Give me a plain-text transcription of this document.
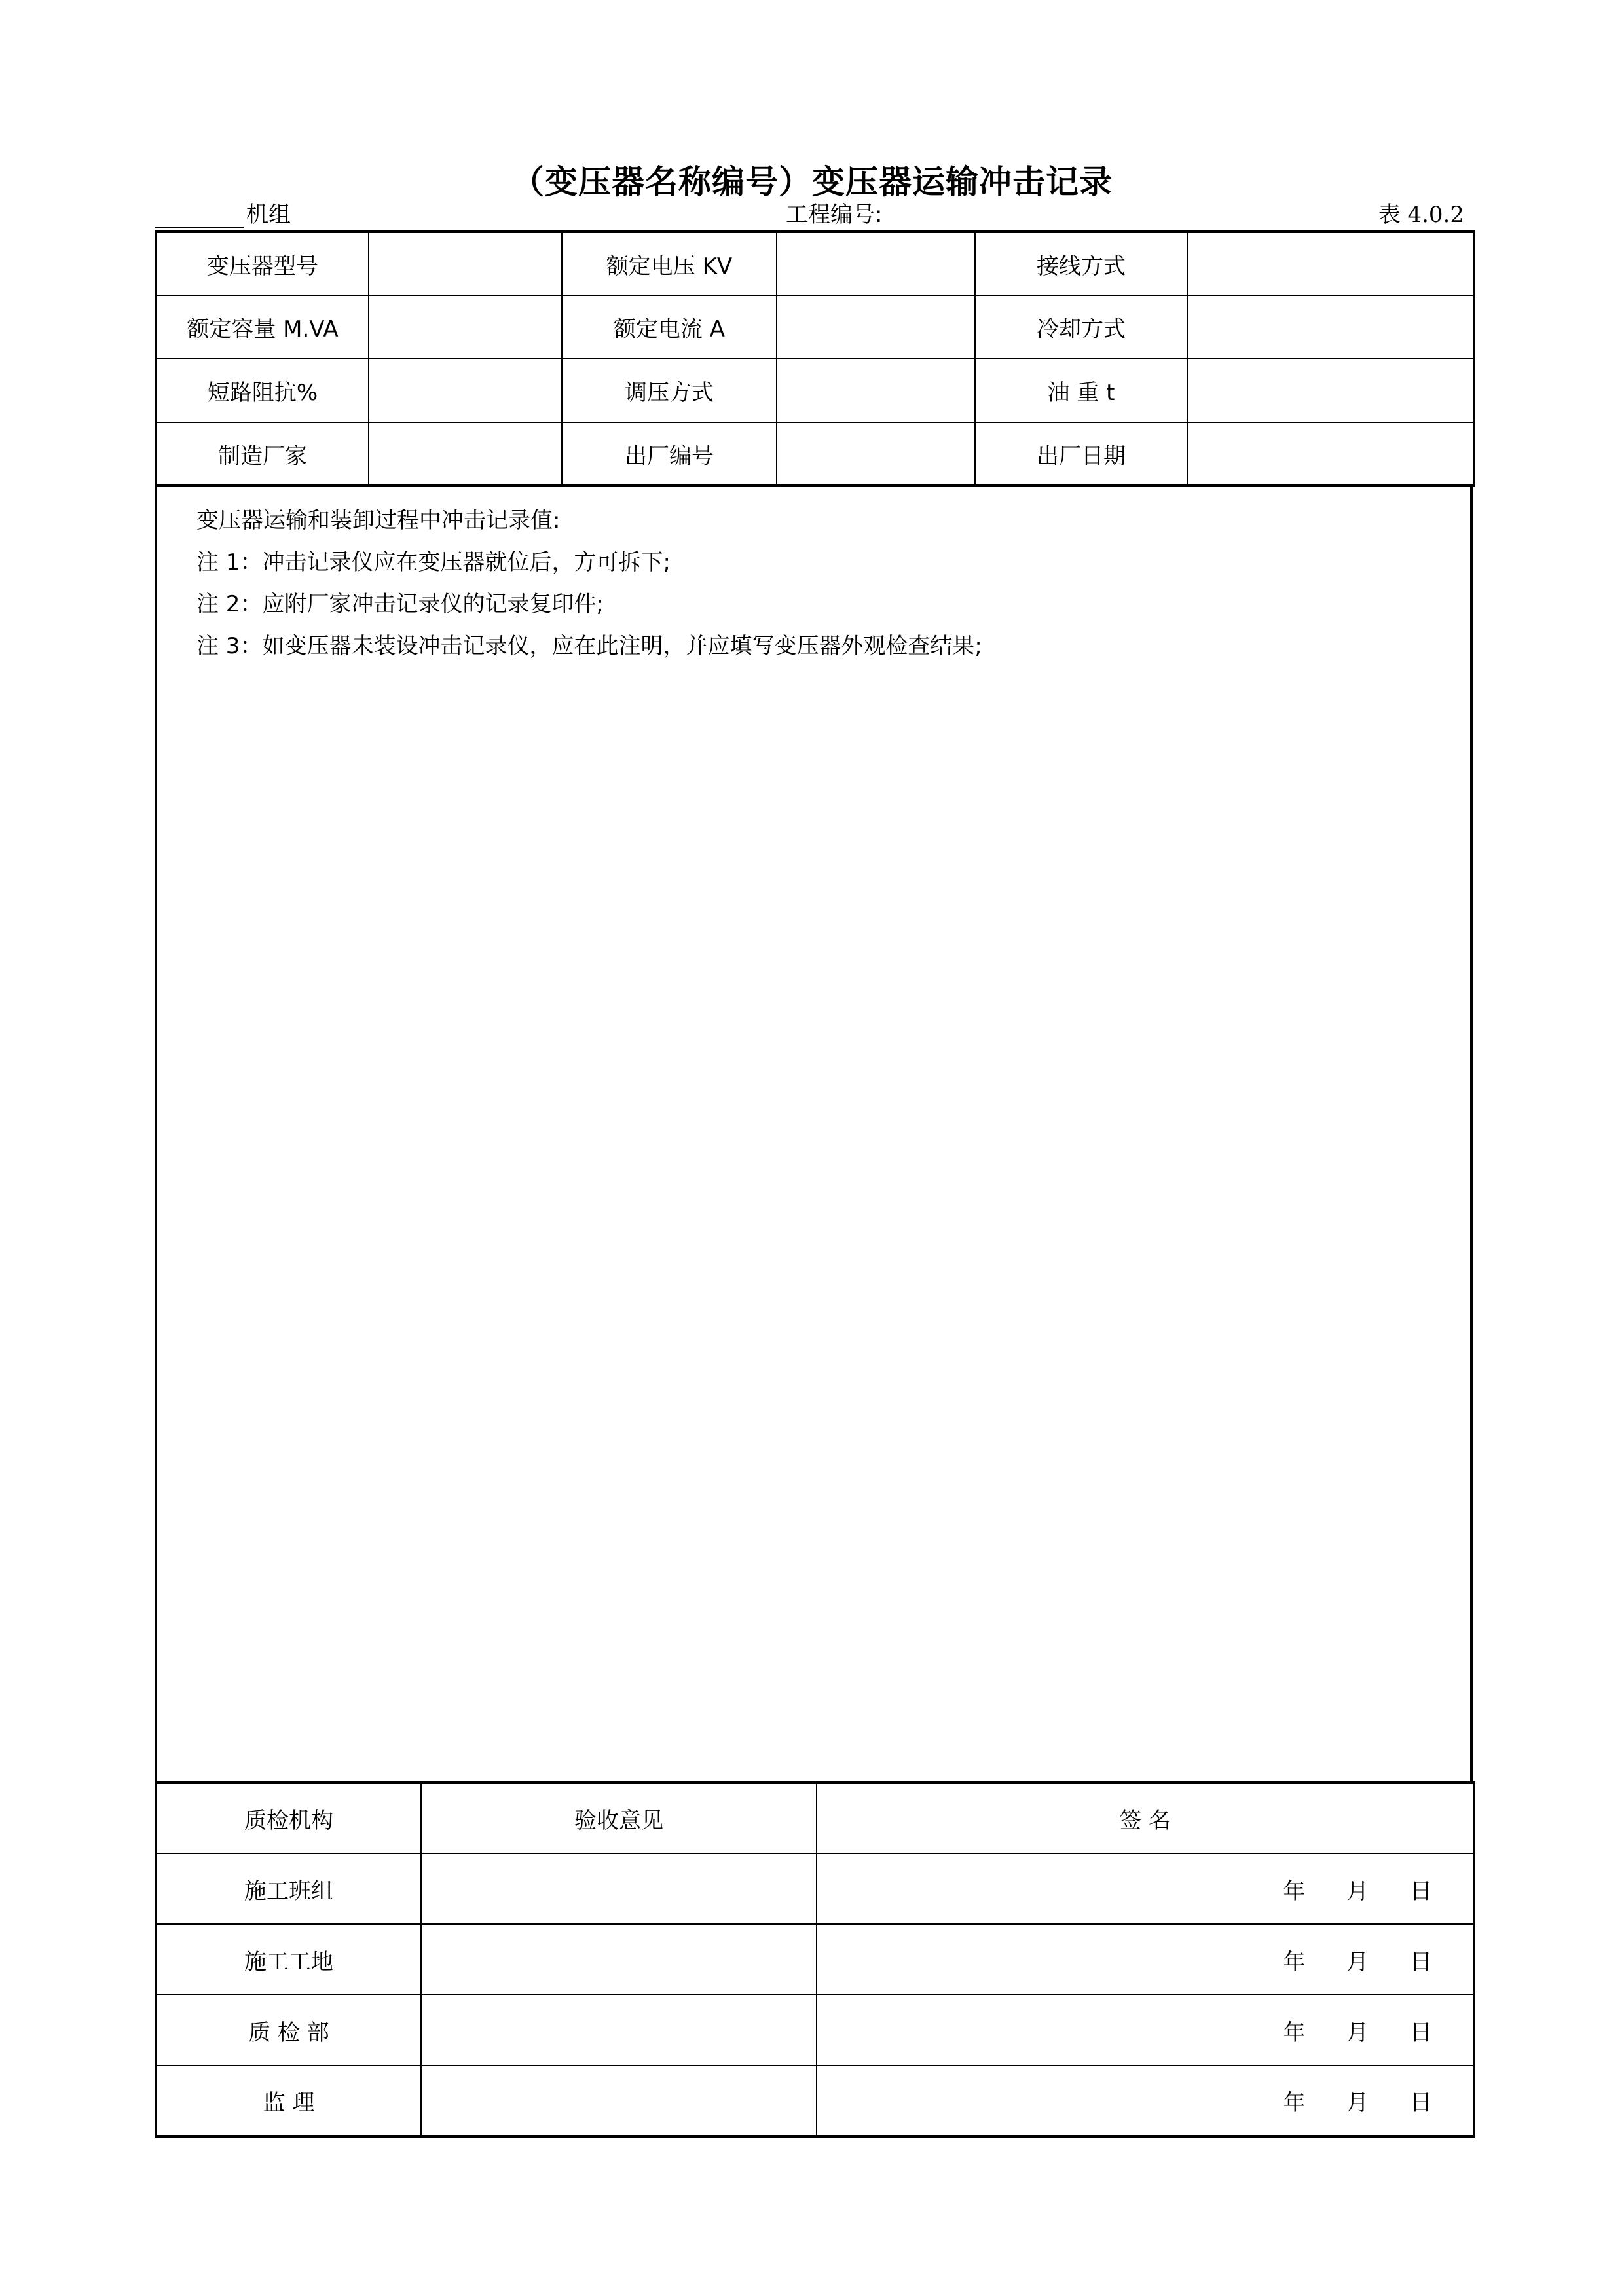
（变压器名称编号）变压器运输冲击记录
机组	工程编号:	表 4.0.2
变压器型号		额定电压 KV		接线方式	
额定容量 M.VA		额定电流 A		冷却方式	
短路阻抗%		调压方式		油 重 t	
制造厂家		出厂编号		出厂日期	
变压器运输和装卸过程中冲击记录值:
注 1：冲击记录仪应在变压器就位后，方可拆下;
注 2：应附厂家冲击记录仪的记录复印件;
注 3：如变压器未装设冲击记录仪，应在此注明，并应填写变压器外观检查结果;
质检机构	验收意见	签 名
施工班组		年 月 日
施工工地		年 月 日
质 检 部		年 月 日
监 理		年 月 日
